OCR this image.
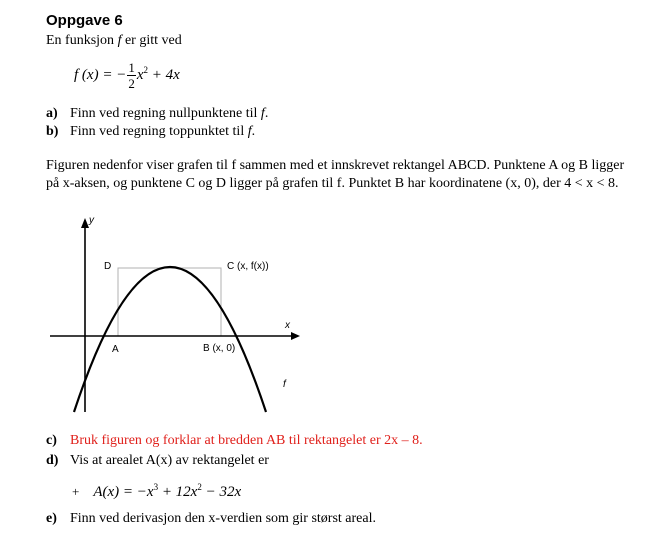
Oppgave 6
En funksjon f er gitt ved
f (x) = − $\frac{1}{2} x^2 + 4x$
a) Finn ved regning nullpunktene til f.
b) Finn ved regning toppunktet til f.
Figuren nedenfor viser grafen til f sammen med et innskrevet rektangel ABCD. Punktene A og B ligger
på x-aksen, og punktene C og D ligger på grafen til f. Punktet B har koordinatene (x, 0), der 4 < x < 8.
y
x
D	C (x, f(x))
A	B (x, 0)
f
c) Bruk figuren og forklar at bredden AB til rektangelet er 2x – 8.
d) Vis at arealet A(x) av rektangelet er
+ $A(x) = -x^3 + 12x^2 - 32x$
e) Finn ved derivasjon den x-verdien som gir størst areal.
